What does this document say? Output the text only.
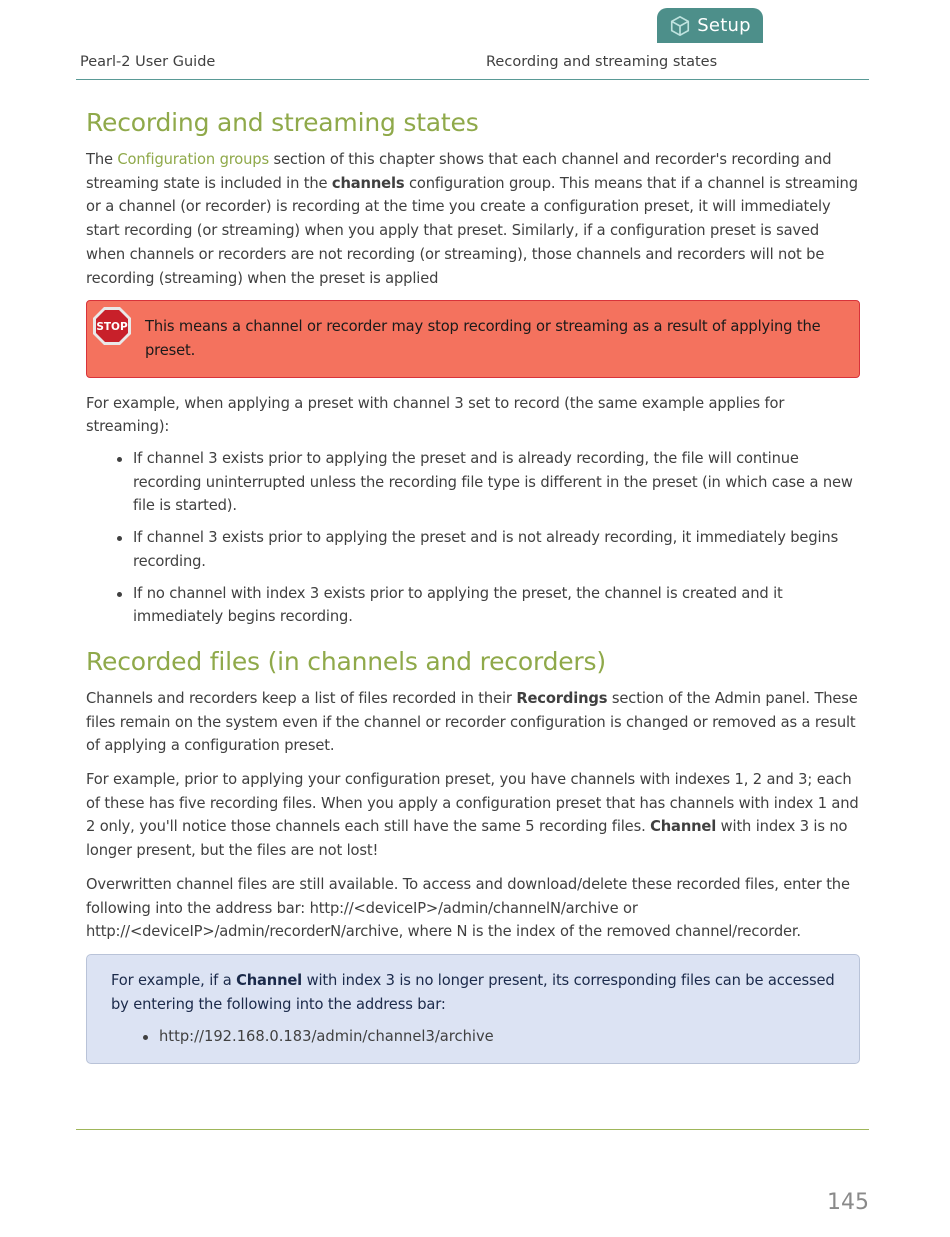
Setup
Pearl-2 User Guide	Recording and streaming states
Recording and streaming states

The Configuration groups section of this chapter shows that each channel and recorder's recording and streaming state is included in the channels configuration group. This means that if a channel is streaming or a channel (or recorder) is recording at the time you create a configuration preset, it will immediately start recording (or streaming) when you apply that preset. Similarly, if a configuration preset is saved when channels or recorders are not recording (or streaming), those channels and recorders will not be recording (streaming) when the preset is applied

STOP This means a channel or recorder may stop recording or streaming as a result of applying the preset.

For example, when applying a preset with channel 3 set to record (the same example applies for streaming):

If channel 3 exists prior to applying the preset and is already recording, the file will continue recording uninterrupted unless the recording file type is different in the preset (in which case a new file is started).
If channel 3 exists prior to applying the preset and is not already recording, it immediately begins recording.
If no channel with index 3 exists prior to applying the preset, the channel is created and it immediately begins recording.
Recorded files (in channels and recorders)

Channels and recorders keep a list of files recorded in their Recordings section of the Admin panel. These files remain on the system even if the channel or recorder configuration is changed or removed as a result of applying a configuration preset.

For example, prior to applying your configuration preset, you have channels with indexes 1, 2 and 3; each of these has five recording files. When you apply a configuration preset that has channels with index 1 and 2 only, you'll notice those channels each still have the same 5 recording files. Channel with index 3 is no longer present, but the files are not lost!

Overwritten channel files are still available. To access and download/delete these recorded files, enter the following into the address bar: http://<deviceIP>/admin/channelN/archive or http://<deviceIP>/admin/recorderN/archive, where N is the index of the removed channel/recorder.

For example, if a Channel with index 3 is no longer present, its corresponding files can be accessed by entering the following into the address bar:

http://192.168.0.183/admin/channel3/archive
145
